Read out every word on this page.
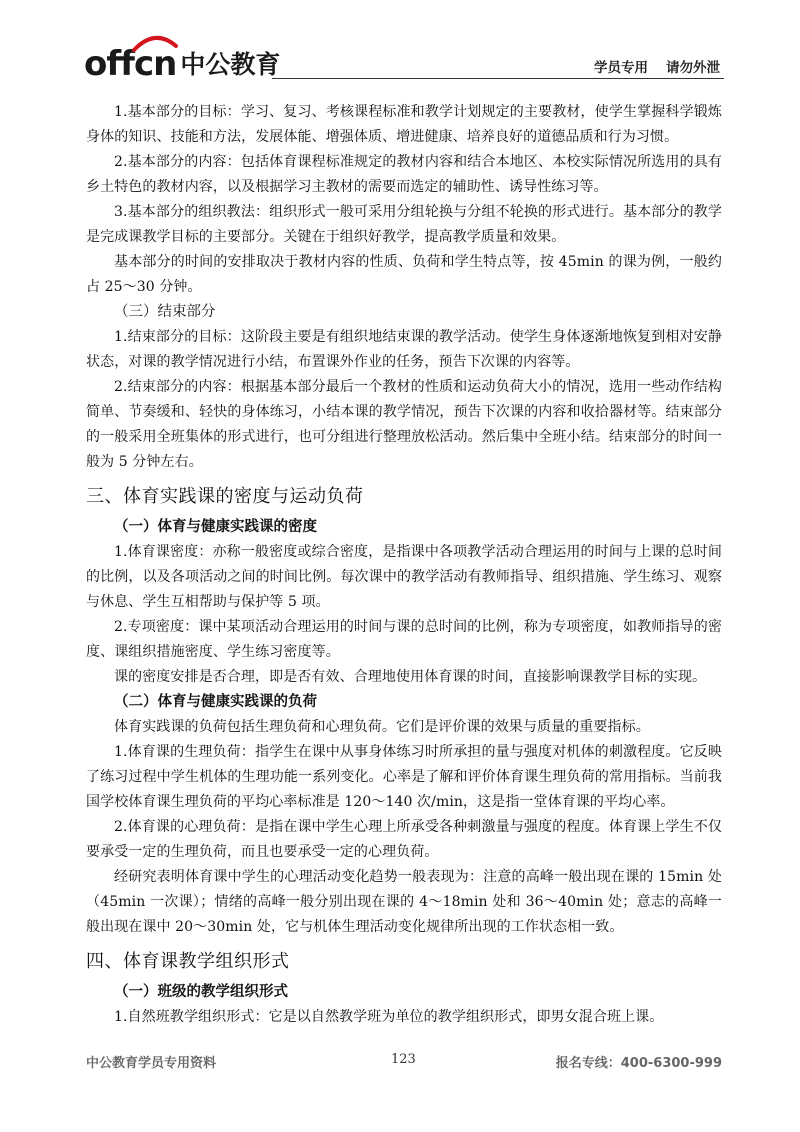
offcn 中公教育	学员专用 请勿外泄

1.基本部分的目标：学习、复习、考核课程标准和教学计划规定的主要教材，使学生掌握科学锻炼身体的知识、技能和方法，发展体能、增强体质、增进健康、培养良好的道德品质和行为习惯。

2.基本部分的内容：包括体育课程标准规定的教材内容和结合本地区、本校实际情况所选用的具有乡土特色的教材内容，以及根据学习主教材的需要而选定的辅助性、诱导性练习等。

3.基本部分的组织教法：组织形式一般可采用分组轮换与分组不轮换的形式进行。基本部分的教学是完成课教学目标的主要部分。关键在于组织好教学，提高教学质量和效果。

基本部分的时间的安排取决于教材内容的性质、负荷和学生特点等，按 45min 的课为例，一般约占 25～30 分钟。

（三）结束部分

1.结束部分的目标：这阶段主要是有组织地结束课的教学活动。使学生身体逐渐地恢复到相对安静状态，对课的教学情况进行小结，布置课外作业的任务，预告下次课的内容等。

2.结束部分的内容：根据基本部分最后一个教材的性质和运动负荷大小的情况，选用一些动作结构简单、节奏缓和、轻快的身体练习，小结本课的教学情况，预告下次课的内容和收拾器材等。结束部分的一般采用全班集体的形式进行，也可分组进行整理放松活动。然后集中全班小结。结束部分的时间一般为 5 分钟左右。

三、体育实践课的密度与运动负荷
（一）体育与健康实践课的密度

1.体育课密度：亦称一般密度或综合密度，是指课中各项教学活动合理运用的时间与上课的总时间的比例，以及各项活动之间的时间比例。每次课中的教学活动有教师指导、组织措施、学生练习、观察与休息、学生互相帮助与保护等 5 项。

2.专项密度：课中某项活动合理运用的时间与课的总时间的比例，称为专项密度，如教师指导的密度、课组织措施密度、学生练习密度等。

课的密度安排是否合理，即是否有效、合理地使用体育课的时间，直接影响课教学目标的实现。

（二）体育与健康实践课的负荷

体育实践课的负荷包括生理负荷和心理负荷。它们是评价课的效果与质量的重要指标。

1.体育课的生理负荷：指学生在课中从事身体练习时所承担的量与强度对机体的刺激程度。它反映了练习过程中学生机体的生理功能一系列变化。心率是了解和评价体育课生理负荷的常用指标。当前我国学校体育课生理负荷的平均心率标准是 120～140 次/min，这是指一堂体育课的平均心率。

2.体育课的心理负荷：是指在课中学生心理上所承受各种刺激量与强度的程度。体育课上学生不仅要承受一定的生理负荷，而且也要承受一定的心理负荷。

经研究表明体育课中学生的心理活动变化趋势一般表现为：注意的高峰一般出现在课的 15min 处（45min 一次课）；情绪的高峰一般分别出现在课的 4～18min 处和 36～40min 处；意志的高峰一般出现在课中 20～30min 处，它与机体生理活动变化规律所出现的工作状态相一致。

四、体育课教学组织形式
（一）班级的教学组织形式

1.自然班教学组织形式：它是以自然教学班为单位的教学组织形式，即男女混合班上课。

中公教育学员专用资料	123	报名专线：400-6300-999
